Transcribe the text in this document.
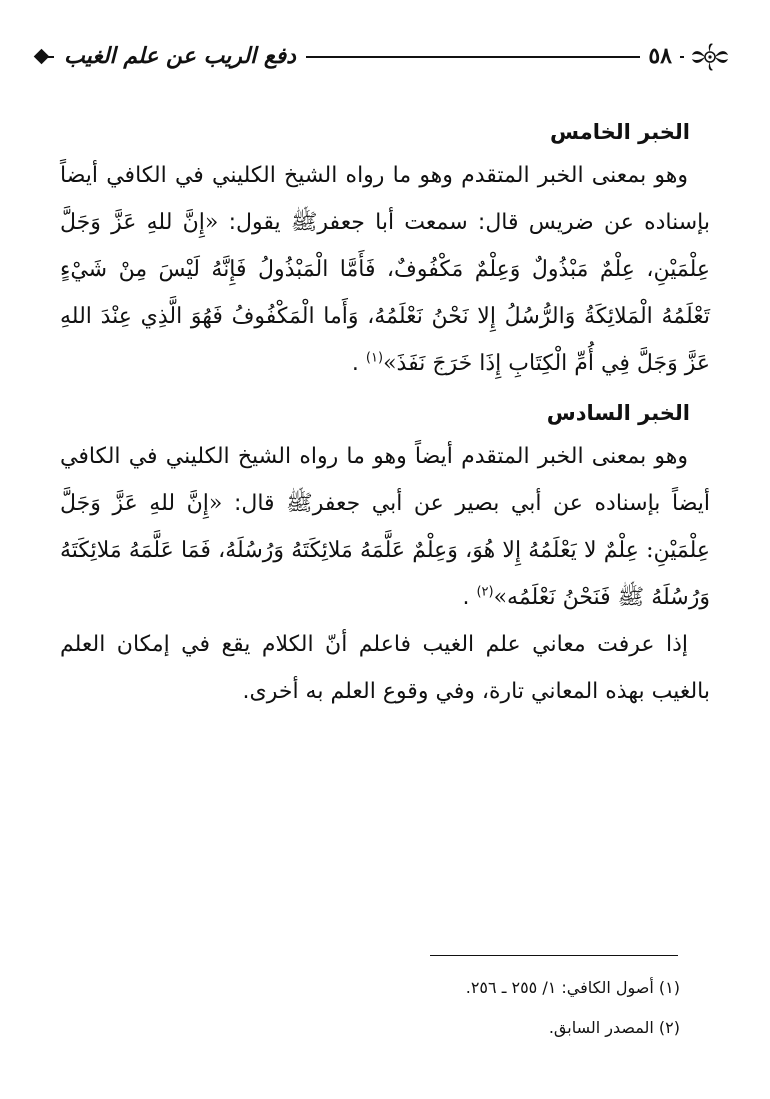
دفع الريب عن علم الغيب	٥٨
الخبر الخامس

وهو بمعنى الخبر المتقدم وهو ما رواه الشيخ الكليني في الكافي أيضاً بإسناده عن ضريس قال: سمعت أبا جعفرﷺ يقول: «إِنَّ للهِ عَزَّ وَجَلَّ عِلْمَيْنِ، عِلْمٌ مَبْذُولٌ وَعِلْمٌ مَكْفُوفٌ، فَأَمَّا الْمَبْذُولُ فَإِنَّهُ لَيْسَ مِنْ شَيْءٍ تَعْلَمُهُ الْمَلائِكَةُ وَالرُّسُلُ إِلا نَحْنُ نَعْلَمُهُ، وَأَما الْمَكْفُوفُ فَهُوَ الَّذِي عِنْدَ اللهِ عَزَّ وَجَلَّ فِي أُمِّ الْكِتَابِ إِذَا خَرَجَ نَفَذَ»$^{(١)}$ .

الخبر السادس

وهو بمعنى الخبر المتقدم أيضاً وهو ما رواه الشيخ الكليني في الكافي أيضاً بإسناده عن أبي بصير عن أبي جعفرﷺ قال: «إِنَّ للهِ عَزَّ وَجَلَّ عِلْمَيْنِ: عِلْمٌ لا يَعْلَمُهُ إِلا هُوَ، وَعِلْمٌ عَلَّمَهُ مَلائِكَتَهُ وَرُسُلَهُ، فَمَا عَلَّمَهُ مَلائِكَتَهُ وَرُسُلَهُ ﷺ فَنَحْنُ نَعْلَمُه»$^{(٢)}$ .

إذا عرفت معاني علم الغيب فاعلم أنّ الكلام يقع في إمكان العلم بالغيب بهذه المعاني تارة، وفي وقوع العلم به أخرى.

(١) أصول الكافي: ١/ ٢٥٥ ـ ٢٥٦.
(٢) المصدر السابق.
